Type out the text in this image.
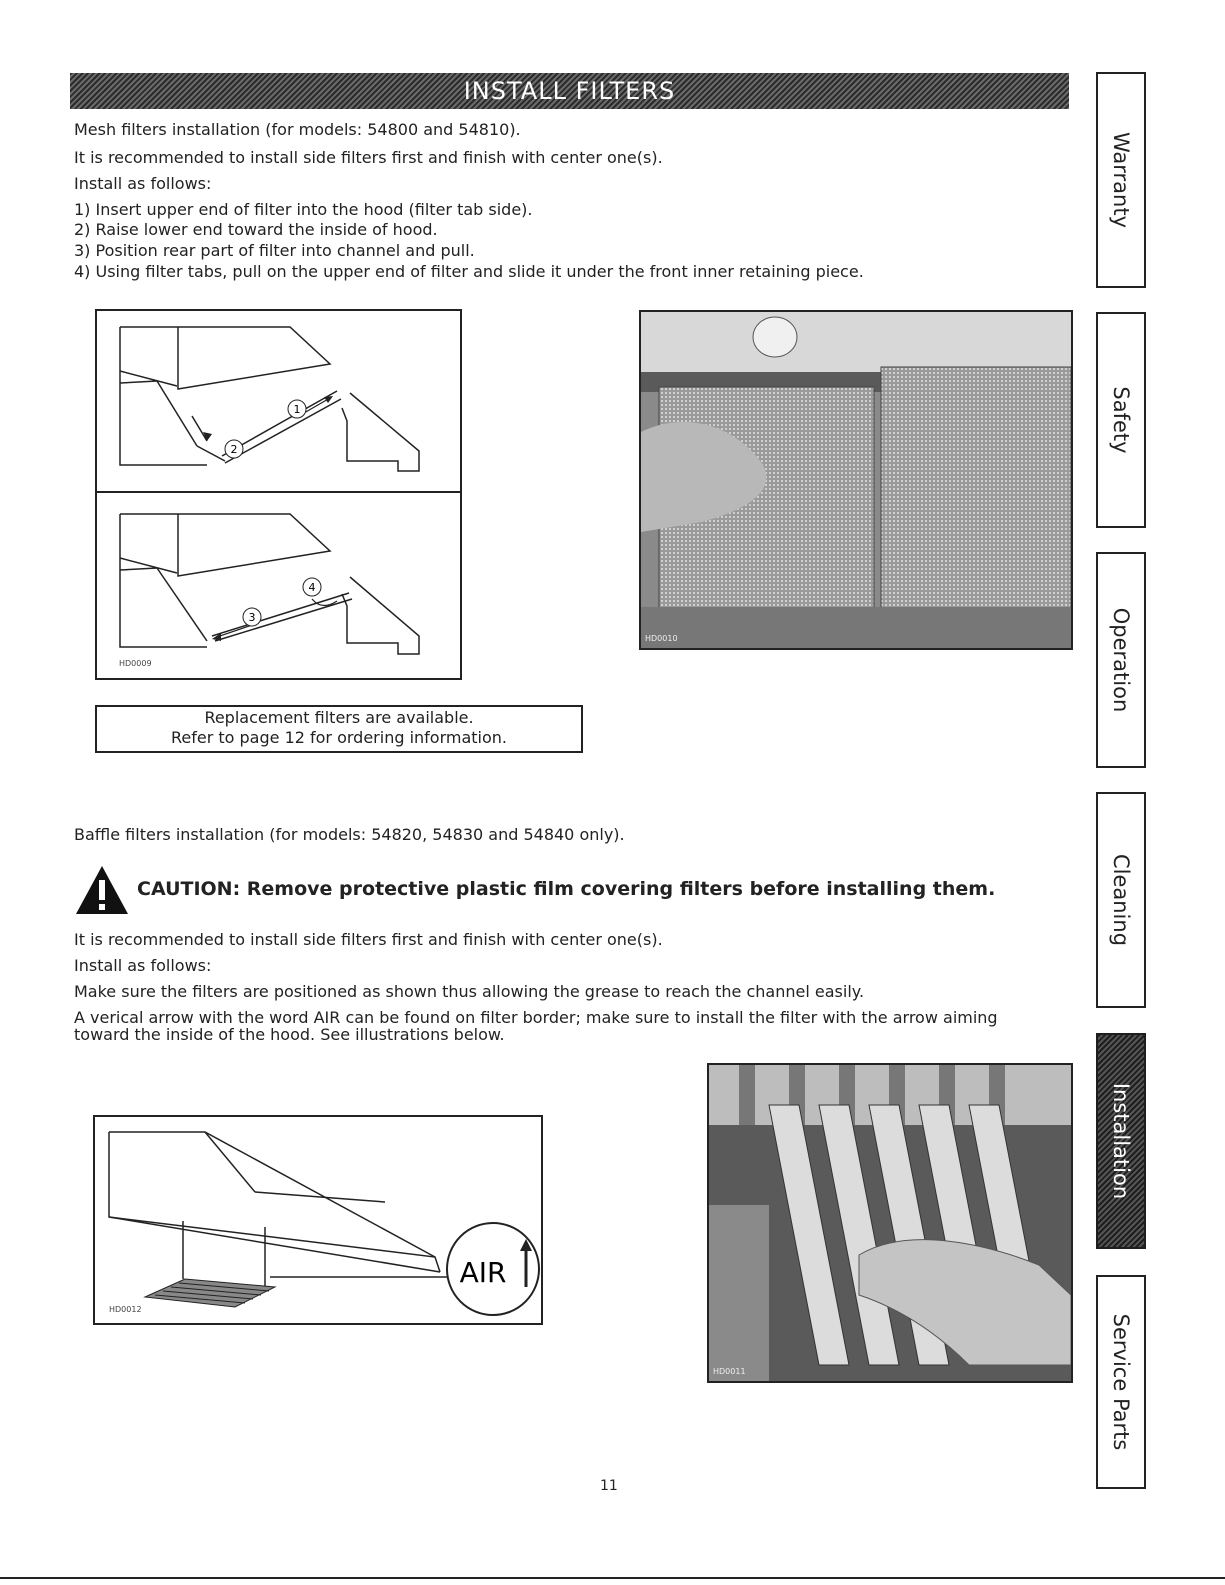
INSTALL FILTERS
Mesh filters installation (for models: 54800 and 54810).
It is recommended to install side filters first and finish with center one(s).
Install as follows:
1) Insert upper end of filter into the hood (filter tab side).
2) Raise lower end toward the inside of hood.
3) Position rear part of filter into channel and pull.
4) Using filter tabs, pull on the upper end of filter and slide it under the front inner retaining piece.
1
2
4
3
HD0009
HD0010
Replacement filters are available.
Refer to page 12 for ordering information.
Baffle filters installation (for models: 54820, 54830 and 54840 only).
CAUTION: Remove protective plastic film covering filters before installing them.
It is recommended to install side filters first and finish with center one(s).
Install as follows:
Make sure the filters are positioned as shown thus allowing the grease to reach the channel easily.
A verical arrow with the word AIR can be found on filter border; make sure to install the filter with the arrow aiming
toward the inside of the hood. See illustrations below.
AIR
HD0012
HD0011
Warranty
Safety
Operation
Cleaning
Installation
Service Parts
11
